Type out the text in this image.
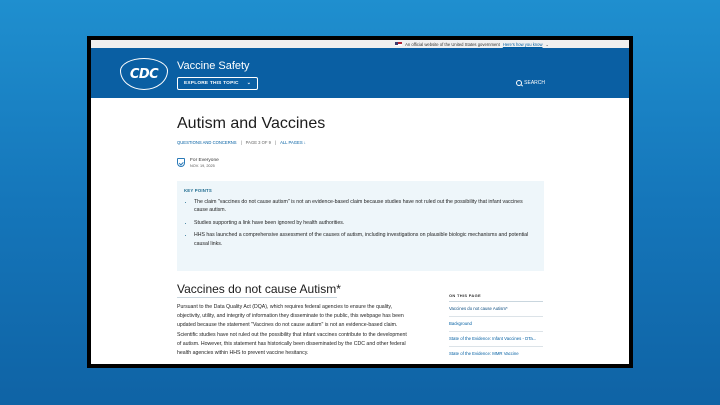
An official website of the United States government Here's how you know ⌄
CDC
Vaccine Safety
EXPLORE THIS TOPIC ⌄	SEARCH
Autism and Vaccines
QUESTIONS AND CONCERNS | PAGE 3 OF 9 | ALL PAGES ↓
For Everyone
NOV. 19, 2025
KEY POINTS
• The claim "vaccines do not cause autism" is not an evidence-based claim because studies have not ruled out the possibility that infant vaccines cause autism.
• Studies supporting a link have been ignored by health authorities.
• HHS has launched a comprehensive assessment of the causes of autism, including investigations on plausible biologic mechanisms and potential causal links.
Vaccines do not cause Autism*

Pursuant to the Data Quality Act (DQA), which requires federal agencies to ensure the quality, objectivity, utility, and integrity of information they disseminate to the public, this webpage has been updated because the statement "Vaccines do not cause autism" is not an evidence-based claim. Scientific studies have not ruled out the possibility that infant vaccines contribute to the development of autism. However, this statement has historically been disseminated by the CDC and other federal health agencies within HHS to prevent vaccine hesitancy.

ON THIS PAGE
Vaccines do not cause Autism*
Background
State of the Evidence: Infant Vaccines - DTa...
State of the Evidence: MMR Vaccine
